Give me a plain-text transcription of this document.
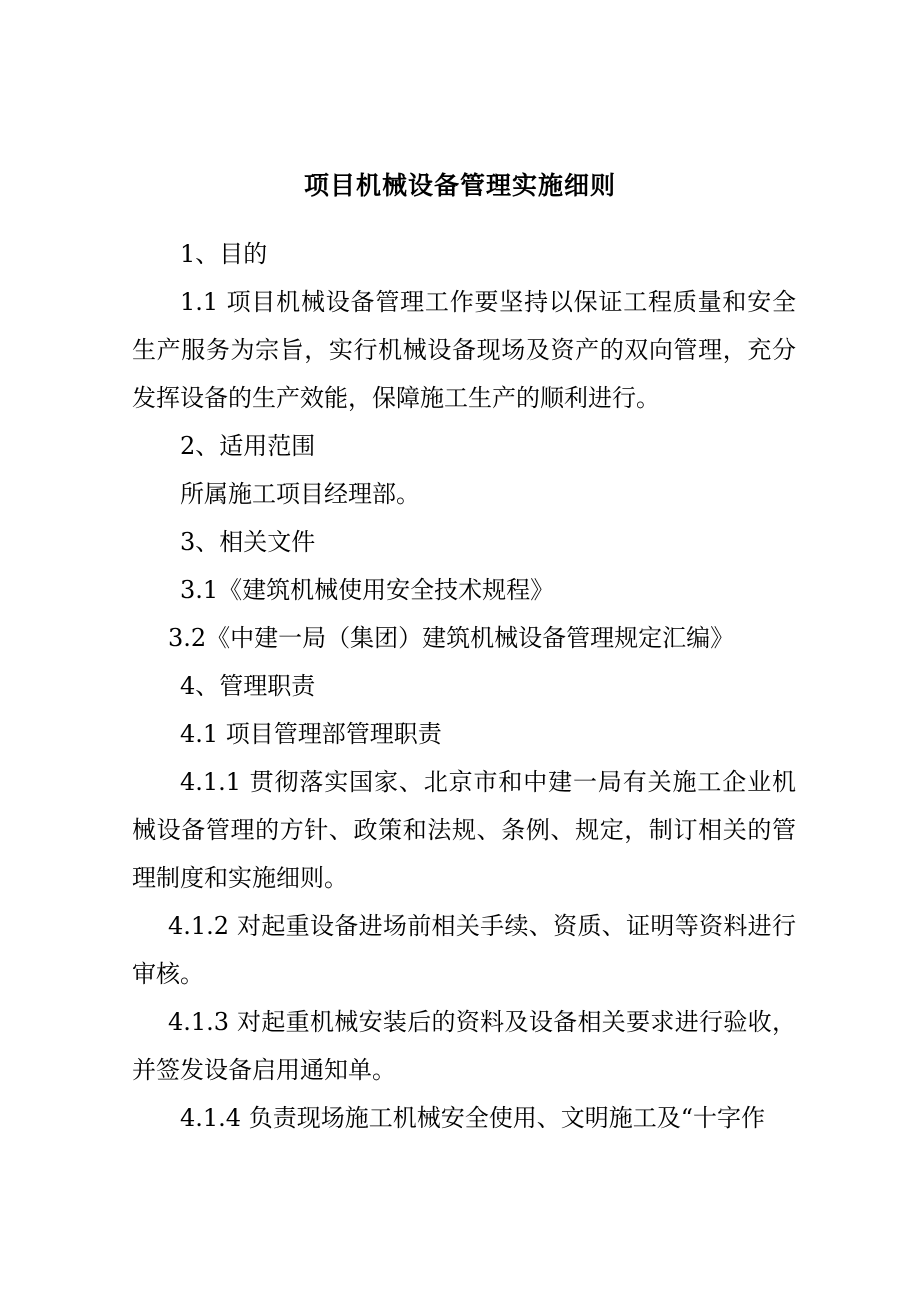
项目机械设备管理实施细则
1、目的
1.1 项目机械设备管理工作要坚持以保证工程质量和安全生产服务为宗旨，实行机械设备现场及资产的双向管理，充分发挥设备的生产效能，保障施工生产的顺利进行。
2、适用范围
所属施工项目经理部。
3、相关文件
3.1《建筑机械使用安全技术规程》
3.2《中建一局（集团）建筑机械设备管理规定汇编》
4、管理职责
4.1 项目管理部管理职责
4.1.1 贯彻落实国家、北京市和中建一局有关施工企业机械设备管理的方针、政策和法规、条例、规定，制订相关的管理制度和实施细则。
4.1.2 对起重设备进场前相关手续、资质、证明等资料进行审核。
4.1.3 对起重机械安装后的资料及设备相关要求进行验收，并签发设备启用通知单。
4.1.4 负责现场施工机械安全使用、文明施工及“十字作
